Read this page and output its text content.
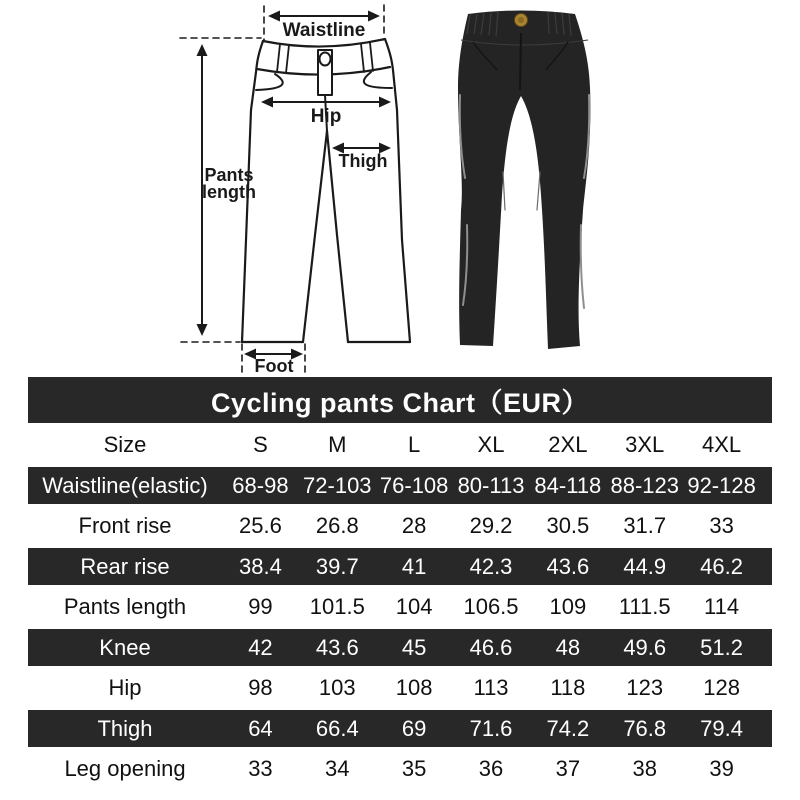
Waistline
Hip
Thigh
Pants
length
Foot
Cycling pants Chart（EUR）
Size	S	M	L	XL	2XL	3XL	4XL
Waistline(elastic)	68-98 72-103 76-108 80-113 84-118 88-123 92-128
Front rise	25.6	26.8	28	29.2	30.5	31.7	33
Rear rise	38.4	39.7	41	42.3	43.6	44.9	46.2
Pants length	99	101.5	104	106.5	109	111.5	114
Knee	42	43.6	45	46.6	48	49.6	51.2
Hip	98	103	108	113	118	123	128
Thigh	64	66.4	69	71.6	74.2	76.8	79.4
Leg opening	33	34	35	36	37	38	39
